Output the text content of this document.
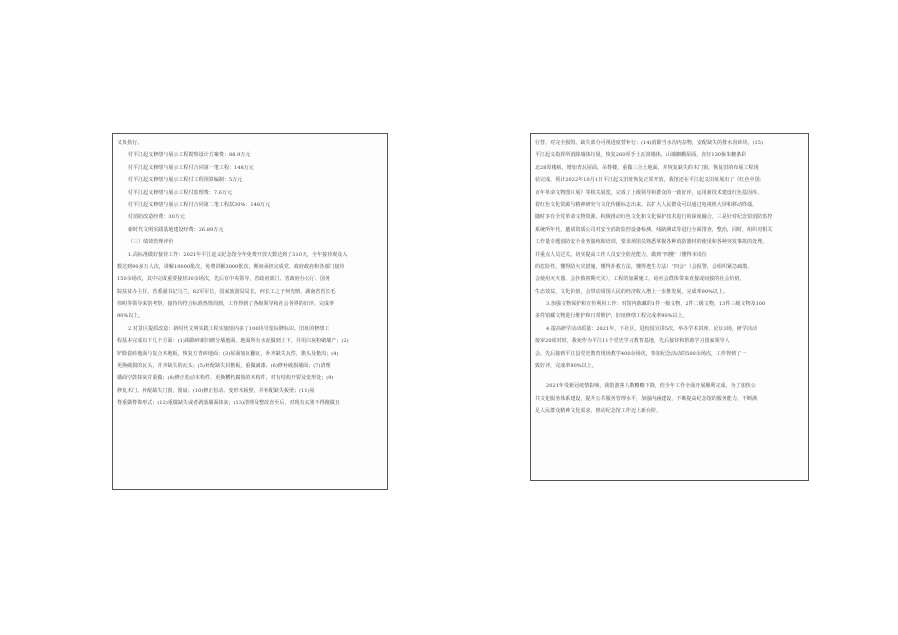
又负执行。
付平江起义修缮与展示工程勘察设计方案费：88.9万元
付平江起义修缮与展示工程付合同第一笔工程：148万元
付平江起义修缮与展示工程付工程预算编制：5万元
付平江起义修缮与展示工程付监理费：7.6万元
付平江起义修缮与展示工程付合同第二笔工程款30%：148万元
付消防改造经费：30万元
新时代文明实践基地建设经费：26.89万元
（三）绩效管理评价
1.高标准做好接待工作：2021年平江起义纪念馆全年免费开放天数达到了310天，全年接待观众入
数达到90多万人次，讲解10000批次，免费讲解3000批次，期间承担完成党、政府政府和各部门接待
150余场次，其中完成重要接待30余场次，先后有中央领导，省政府部门、省政府办公厅、国务
院扶贫办主任，省委副书记乌兰，82军军长，国家旅游局局长，何长工之子何光晴、湖南省省长毛
伟明等领导来馆考察，接待均符合标准热情周到，工作得到了各级领导和社会各界的好评，完成率
90%以上。
2.对景区提质改造：新时代文明实践工程实施馆内多了100块导览标牌标识，旧址的修缮工
程基本完成以下几个方面：(1)揭除碎新旧砌分墙地面，地面所有水泥做到上下，并用白灰粉刷墙产；(2)
铲除瓷砖地面与复合木地板，恢复方青砖地面；(3)屋面加瓦翻瓦，补齐缺失瓦件，檐头及檐沟；(4)
更换破损的瓦头，并齐缺失的瓦头；(5)补配缺失封檐板，重做滴漆；(6)修补破损墙面；(7)清理
墙面空鼓抹灰并重做；(8)修正松动木构件，更换糟朽腐蚀的木构件，对有结构开裂及变形处；(9)
修复木门、补配缺失门窗，窗扇；(10)修正松动、变形木板壁，并补配缺失板壁；(11)屋
脊重做脊饰形式；(12)重做缺失或者剥落墙面抹灰；(13)清理及整改直至后，对现有玄墨不得擅做且
行替，对完全损毁、缺失部分可视进度替补行；(14)消除当水沟内杂物，安配缺失的排水沟砖块。(15)
平江起义指挥所消除墙体垃圾，恢复260厚手土瓦筒墙体，山墙搁棚屋面，直径130箍朱糖条彩
北28厚楼板，增加青瓦屋面、吊脊楼，重做三合土地面，并恢复缺失的木门窗，恢复旧的布展工程现
状完成，预计2022年10月1日平江起义旧址恢复正常开放，我馆还在平江起义旧址展出了《红色中国：
百年革命文物图片展》等相关展览，完成了上级领导和群众的一致好评，运用新技术建设红色基因库，
着红色文化资源与精神研究与文化传播标志出来。以扩大人民群众可以通过电视机大屏和移动终端，
随时享有全党革命文物资源，积极推动红色文化和文化保护技术进行的深度融合，三是针对纪念馆消防监控
系统所年代，邀请资质公司对安全消防监控设备检测、线路测试等进行全面排查，整治，同时，组织对相关
工作量专题消防安全业务演练和培训，要求场馆员熟悉掌握各种消防器材的使用和各种突发事故的处理，
并重点人员过关。切实提高工作人员安全防范能力，做到“四懂”（懂得本岗位
的危险性，懂得防火灾措施，懂得扑救方法，懂得逃生方法）“四会”（会报警、会组织紧急疏散、
会使用灭火器、会扑救初期火灾），工程的加紧施工，给社会群体带来直接或间接的社会价值，
生态效益，文化价值，会带动周围人民的经济收入增上一步推发展，完成率90%以上。
3.加强文物保护和宣传利用工作：对馆内陈藏的1件一级文物，2件二级文物，13件三级文物及100
多件馆藏文物进行维护和日常维护，旧址修缮工程完成率90%以上。
4.提高研学活动质量：2021年，下社区、进校园宣讲5次，举办学术讲座、论坛3场，研学活动
接审20项对时，我宛作为平江11个党史学习教育基地，先后接待和帮助学习国家领导人
会。先后接到平江县党史教育现场教学400余场次，参加纪念活动的500余场次，工作得到了一
致好评，完成率90%以上。
2021年受新冠疫情影响，我馆游客人数略略下降，但全年工作全面开展顺利完成，为了加快公
共文化服务体系建设，提升公共服务管理水平，加强内涵建设，不断提高纪念馆的服务能力，不断满
足人民群众精神文化需求，推动纪念馆工作迈上新台阶。
